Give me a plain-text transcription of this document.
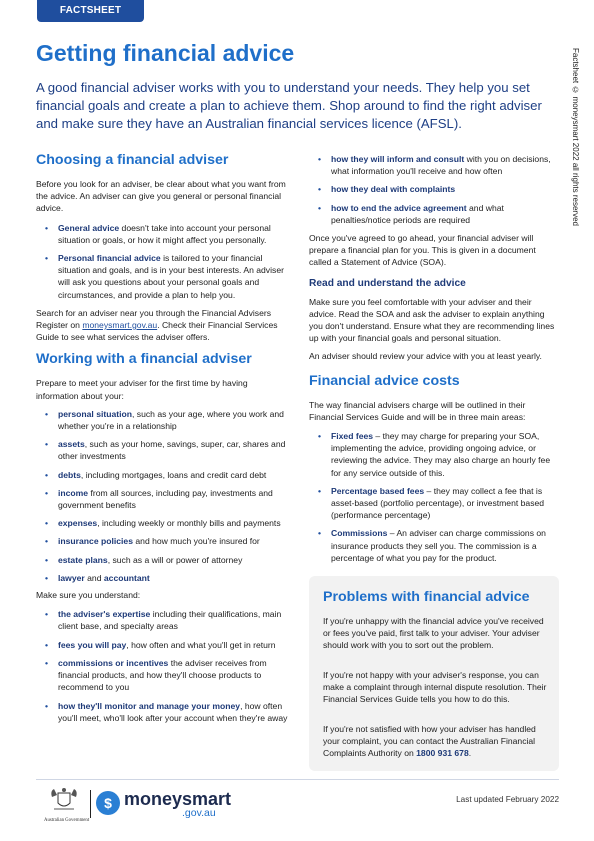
FACTSHEET
Factsheet © moneysmart 2022 all rights reserved
Getting financial advice

A good financial adviser works with you to understand your needs. They help you set financial goals and create a plan to achieve them. Shop around to find the right adviser and make sure they have an Australian financial services licence (AFSL).

Choosing a financial adviser

Before you look for an adviser, be clear about what you want from the advice. An adviser can give you general or personal financial advice.

• General advice doesn't take into account your personal situation or goals, or how it might affect you personally.
• Personal financial advice is tailored to your financial situation and goals, and is in your best interests. An adviser will ask you questions about your personal goals and circumstances, and provide a plan to help you.

Search for an adviser near you through the Financial Advisers Register on moneysmart.gov.au. Check their Financial Services Guide to see what services the adviser offers.

Working with a financial adviser

Prepare to meet your adviser for the first time by having information about your:

• personal situation, such as your age, where you work and whether you're in a relationship
• assets, such as your home, savings, super, car, shares and other investments
• debts, including mortgages, loans and credit card debt
• income from all sources, including pay, investments and government benefits
• expenses, including weekly or monthly bills and payments
• insurance policies and how much you're insured for
• estate plans, such as a will or power of attorney
• lawyer and accountant

Make sure you understand:

• the adviser's expertise including their qualifications, main client base, and specialty areas
• fees you will pay, how often and what you'll get in return
• commissions or incentives the adviser receives from financial products, and how they'll choose products to recommend to you
• how they'll monitor and manage your money, how often you'll meet, who'll look after your account when they're away
• how they will inform and consult with you on decisions, what information you'll receive and how often
• how they deal with complaints
• how to end the advice agreement and what penalties/notice periods are required

Once you've agreed to go ahead, your financial adviser will prepare a financial plan for you. This is given in a document called a Statement of Advice (SOA).

Read and understand the advice

Make sure you feel comfortable with your adviser and their advice. Read the SOA and ask the adviser to explain anything you don't understand. Ensure what they are recommending lines up with your financial goals and personal situation.

An adviser should review your advice with you at least yearly.

Financial advice costs

The way financial advisers charge will be outlined in their Financial Services Guide and will be in three main areas:

• Fixed fees – they may charge for preparing your SOA, implementing the advice, providing ongoing advice, or reviewing the advice. They may also charge an hourly fee for any service outside of this.
• Percentage based fees – they may collect a fee that is asset-based (portfolio percentage), or investment based (performance percentage)
• Commissions – An adviser can charge commissions on insurance products they sell you. The commission is a percentage of what you pay for the product.
Problems with financial advice

If you're unhappy with the financial advice you've received or fees you've paid, first talk to your adviser. Your adviser should work with you to sort out the problem.

If you're not happy with your adviser's response, you can make a complaint through internal dispute resolution. Their Financial Services Guide tells you how to do this.

If you're not satisfied with how your adviser has handled your complaint, you can contact the Australian Financial Complaints Authority on 1800 931 678.

Australian Government
$ moneysmart
.gov.au
Last updated February 2022
